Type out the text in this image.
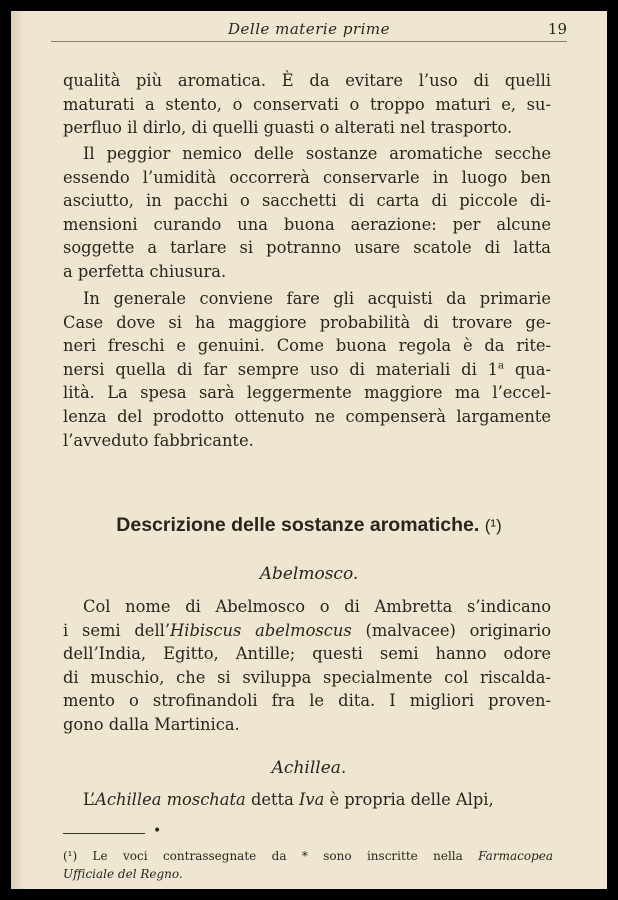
Delle materie prime	19
qualità più aromatica. È da evitare l’uso di quelli
maturati a stento, o conservati o troppo maturi e, su-
perfluo il dirlo, di quelli guasti o alterati nel trasporto.
Il peggior nemico delle sostanze aromatiche secche
essendo l’umidità occorrerà conservarle in luogo ben
asciutto, in pacchi o sacchetti di carta di piccole di-
mensioni curando una buona aerazione: per alcune
soggette a tarlare si potranno usare scatole di latta
a perfetta chiusura.
In generale conviene fare gli acquisti da primarie
Case dove si ha maggiore probabilità di trovare ge-
neri freschi e genuini. Come buona regola è da rite-
nersi quella di far sempre uso di materiali di 1$^a$ qua-
lità. La spesa sarà leggermente maggiore ma l’eccel-
lenza del prodotto ottenuto ne compenserà largamente
l’avveduto fabbricante.
Descrizione delle sostanze aromatiche. (¹)
Abelmosco.
Col nome di Abelmosco o di Ambretta s’indicano
i semi dell’Hibiscus abelmoscus (malvacee) originario
dell’India, Egitto, Antille; questi semi hanno odore
di muschio, che si sviluppa specialmente col riscalda-
mento o strofinandoli fra le dita. I migliori proven-
gono dalla Martinica.
Achillea.
L’Achillea moschata detta Iva è propria delle Alpi,
•
(¹) Le voci contrassegnate da * sono inscritte nella Farmacopea
Ufficiale del Regno.
